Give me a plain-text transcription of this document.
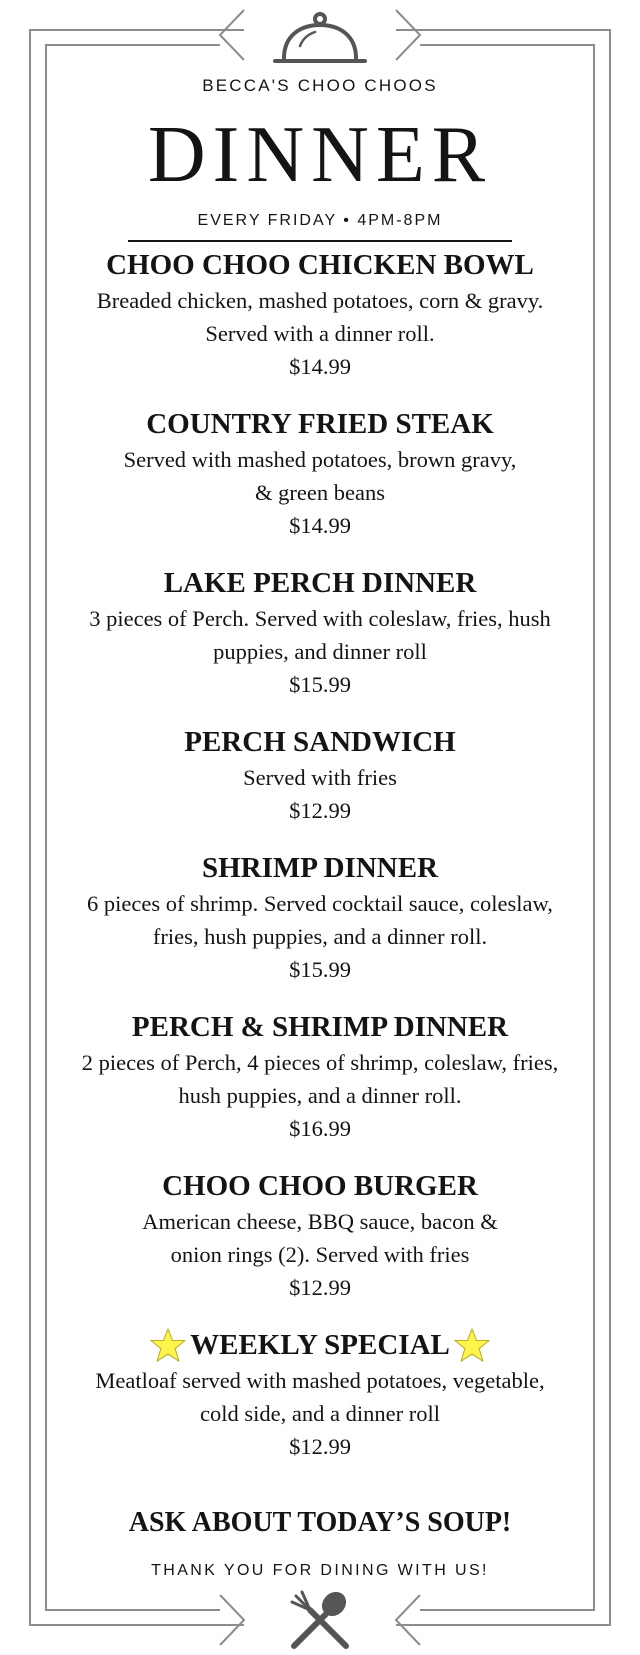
BECCA'S CHOO CHOOS
DINNER
EVERY FRIDAY • 4PM-8PM
CHOO CHOO CHICKEN BOWL
Breaded chicken, mashed potatoes, corn & gravy.
Served with a dinner roll.
$14.99
COUNTRY FRIED STEAK
Served with mashed potatoes, brown gravy,
& green beans
$14.99
LAKE PERCH DINNER
3 pieces of Perch. Served with coleslaw, fries, hush
puppies, and dinner roll
$15.99
PERCH SANDWICH
Served with fries
$12.99
SHRIMP DINNER
6 pieces of shrimp. Served cocktail sauce, coleslaw,
fries, hush puppies, and a dinner roll.
$15.99
PERCH & SHRIMP DINNER
2 pieces of Perch, 4 pieces of shrimp, coleslaw, fries,
hush puppies, and a dinner roll.
$16.99
CHOO CHOO BURGER
American cheese, BBQ sauce, bacon &
onion rings (2). Served with fries
$12.99
WEEKLY SPECIAL
Meatloaf served with mashed potatoes, vegetable,
cold side, and a dinner roll
$12.99
ASK ABOUT TODAY’S SOUP!
THANK YOU FOR DINING WITH US!
